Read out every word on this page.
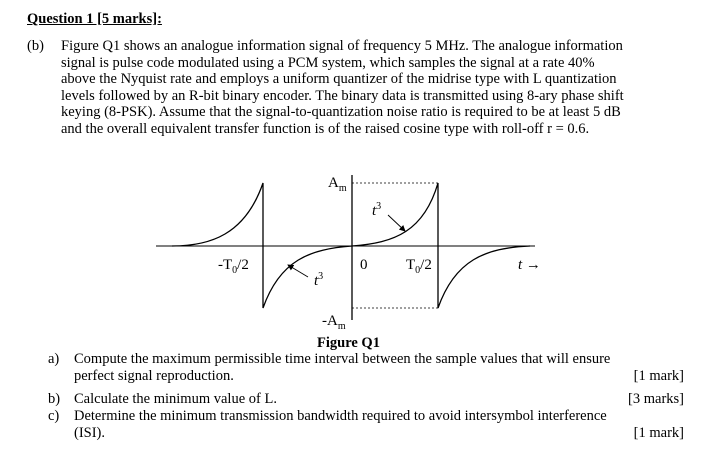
Question 1 [5 marks]:
(b) Figure Q1 shows an analogue information signal of frequency 5 MHz. The analogue information
signal is pulse code modulated using a PCM system, which samples the signal at a rate 40%
above the Nyquist rate and employs a uniform quantizer of the midrise type with L quantization
levels followed by an R-bit binary encoder. The binary data is transmitted using 8-ary phase shift
keying (8-PSK). Assume that the signal-to-quantization noise ratio is required to be at least 5 dB
and the overall equivalent transfer function is of the raised cosine type with roll-off r = 0.6.
$A_m$
$-A_m$
$t^3$
$t^3$
$-T_0/2$	0	$T_0/2$	t →
Figure Q1
a) Compute the maximum permissible time interval between the sample values that will ensure
perfect signal reproduction.	[1 mark]
b) Calculate the minimum value of L.	[3 marks]
c) Determine the minimum transmission bandwidth required to avoid intersymbol interference
(ISI).	[1 mark]
